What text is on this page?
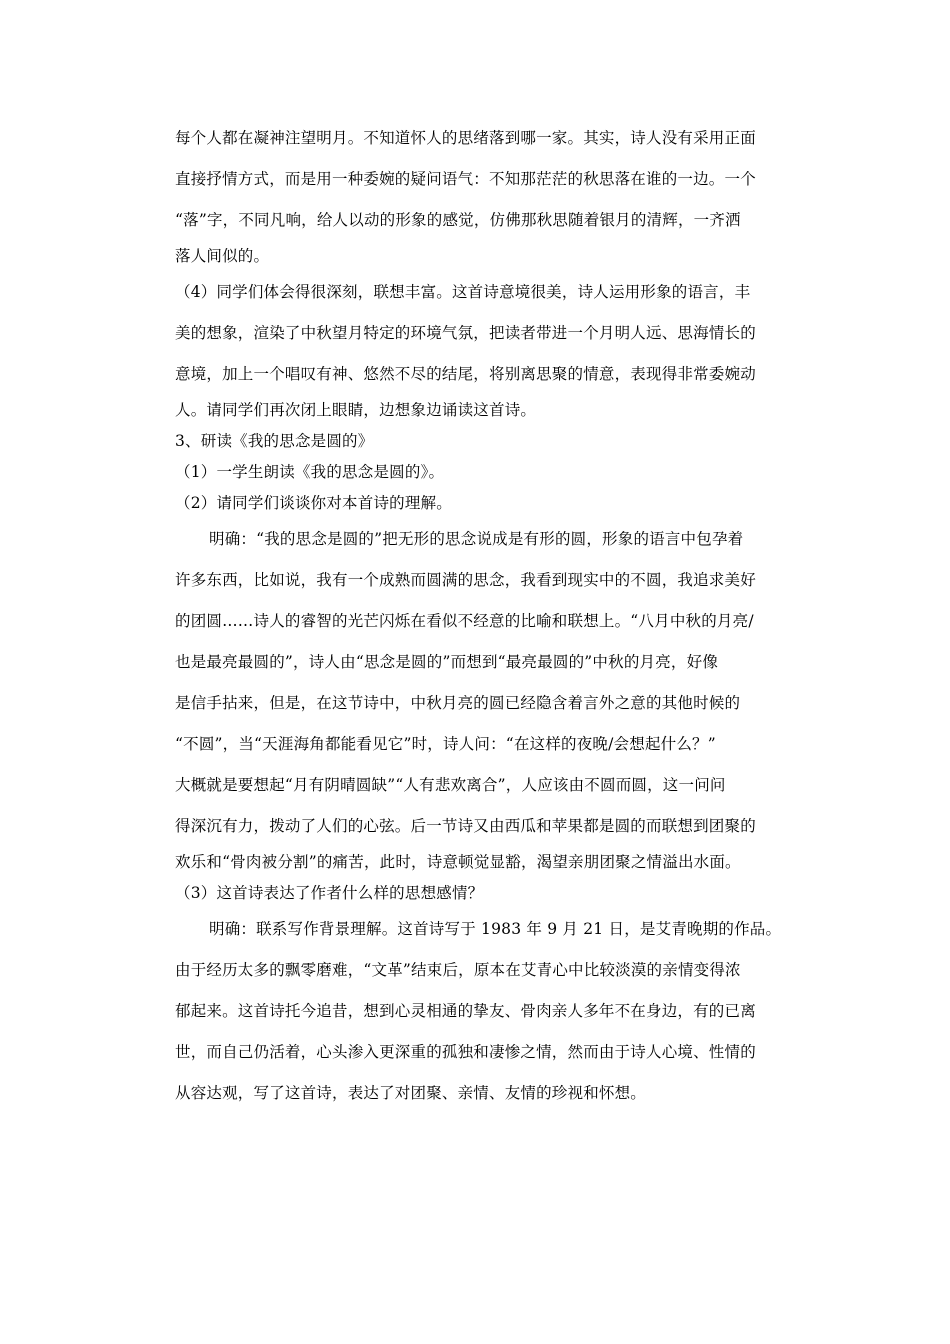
每个人都在凝神注望明月。不知道怀人的思绪落到哪一家。其实，诗人没有采用正面
直接抒情方式，而是用一种委婉的疑问语气：不知那茫茫的秋思落在谁的一边。一个
“落”字，不同凡响，给人以动的形象的感觉，仿佛那秋思随着银月的清辉，一齐洒
落人间似的。
（4）同学们体会得很深刻，联想丰富。这首诗意境很美，诗人运用形象的语言，丰
美的想象，渲染了中秋望月特定的环境气氛，把读者带进一个月明人远、思海情长的
意境，加上一个唱叹有神、悠然不尽的结尾，将别离思聚的情意，表现得非常委婉动
人。请同学们再次闭上眼睛，边想象边诵读这首诗。
3、研读《我的思念是圆的》
（1）一学生朗读《我的思念是圆的》。
（2）请同学们谈谈你对本首诗的理解。
明确：“我的思念是圆的”把无形的思念说成是有形的圆，形象的语言中包孕着
许多东西，比如说，我有一个成熟而圆满的思念，我看到现实中的不圆，我追求美好
的团圆……诗人的睿智的光芒闪烁在看似不经意的比喻和联想上。“八月中秋的月亮/
也是最亮最圆的”，诗人由“思念是圆的”而想到“最亮最圆的”中秋的月亮，好像
是信手拈来，但是，在这节诗中，中秋月亮的圆已经隐含着言外之意的其他时候的
“不圆”，当“天涯海角都能看见它”时，诗人问：“在这样的夜晚/会想起什么？”
大概就是要想起“月有阴晴圆缺”“人有悲欢离合”，人应该由不圆而圆，这一问问
得深沉有力，拨动了人们的心弦。后一节诗又由西瓜和苹果都是圆的而联想到团聚的
欢乐和“骨肉被分割”的痛苦，此时，诗意顿觉显豁，渴望亲朋团聚之情溢出水面。
（3）这首诗表达了作者什么样的思想感情？
明确：联系写作背景理解。这首诗写于 1983 年 9 月 21 日，是艾青晚期的作品。
由于经历太多的飘零磨难，“文革”结束后，原本在艾青心中比较淡漠的亲情变得浓
郁起来。这首诗托今追昔，想到心灵相通的挚友、骨肉亲人多年不在身边，有的已离
世，而自己仍活着，心头渗入更深重的孤独和凄惨之情，然而由于诗人心境、性情的
从容达观，写了这首诗，表达了对团聚、亲情、友情的珍视和怀想。
